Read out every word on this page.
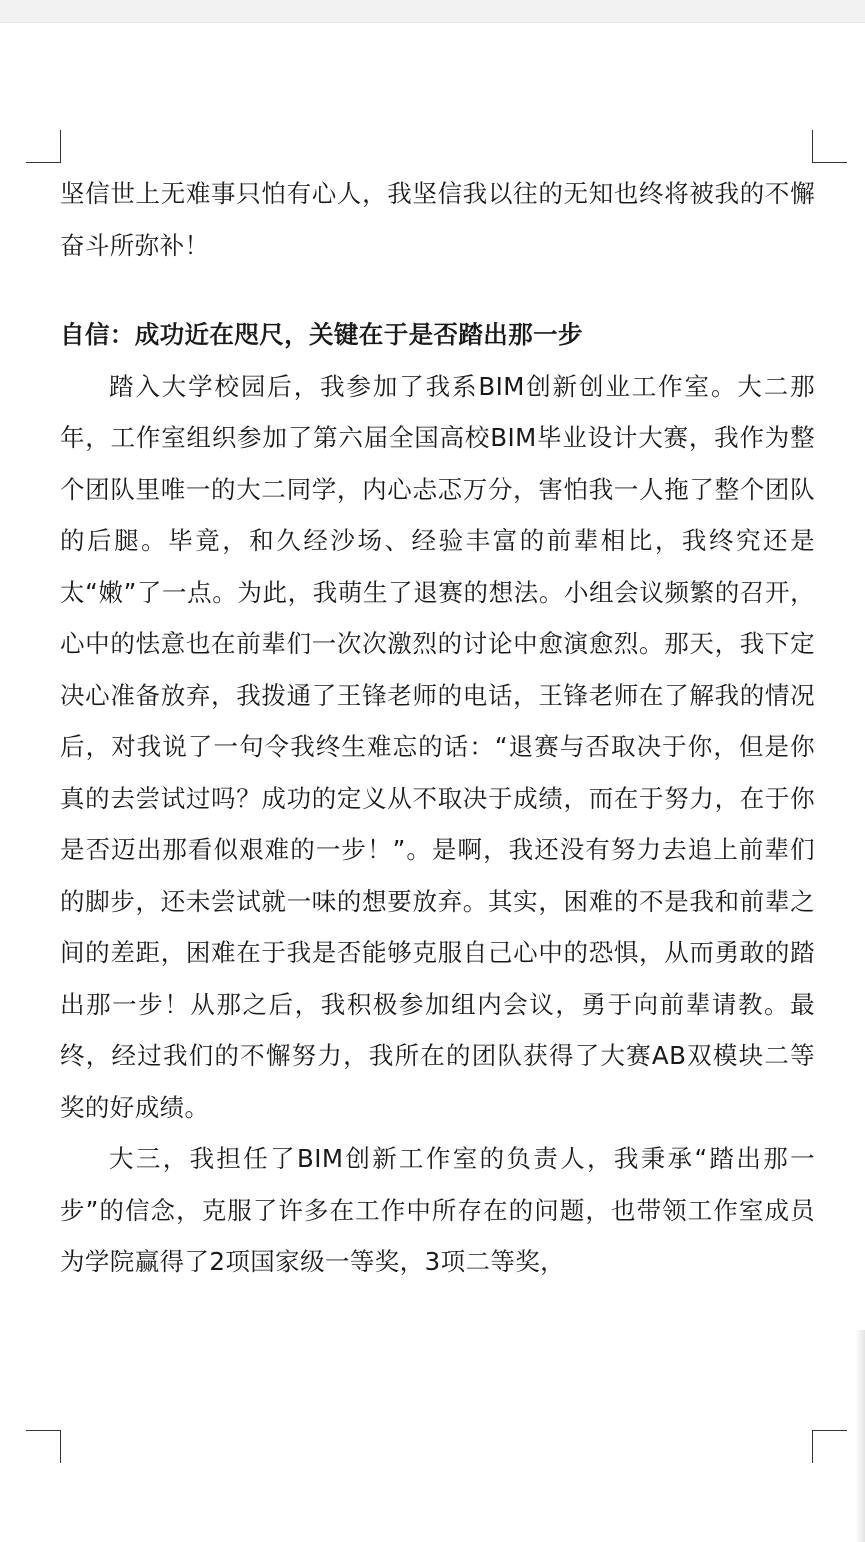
坚信世上无难事只怕有心人，我坚信我以往的无知也终将被我的不懈奋斗所弥补！

自信：成功近在咫尺，关键在于是否踏出那一步

踏入大学校园后，我参加了我系BIM创新创业工作室。大二那年，工作室组织参加了第六届全国高校BIM毕业设计大赛，我作为整个团队里唯一的大二同学，内心忐忑万分，害怕我一人拖了整个团队的后腿。毕竟，和久经沙场、经验丰富的前辈相比，我终究还是太“嫩”了一点。为此，我萌生了退赛的想法。小组会议频繁的召开，心中的怯意也在前辈们一次次激烈的讨论中愈演愈烈。那天，我下定决心准备放弃，我拨通了王锋老师的电话，王锋老师在了解我的情况后，对我说了一句令我终生难忘的话：“退赛与否取决于你，但是你真的去尝试过吗？成功的定义从不取决于成绩，而在于努力，在于你是否迈出那看似艰难的一步！”。是啊，我还没有努力去追上前辈们的脚步，还未尝试就一味的想要放弃。其实，困难的不是我和前辈之间的差距，困难在于我是否能够克服自己心中的恐惧，从而勇敢的踏出那一步！从那之后，我积极参加组内会议，勇于向前辈请教。最终，经过我们的不懈努力，我所在的团队获得了大赛AB双模块二等奖的好成绩。

大三，我担任了BIM创新工作室的负责人，我秉承“踏出那一步”的信念，克服了许多在工作中所存在的问题，也带领工作室成员为学院赢得了2项国家级一等奖，3项二等奖，
